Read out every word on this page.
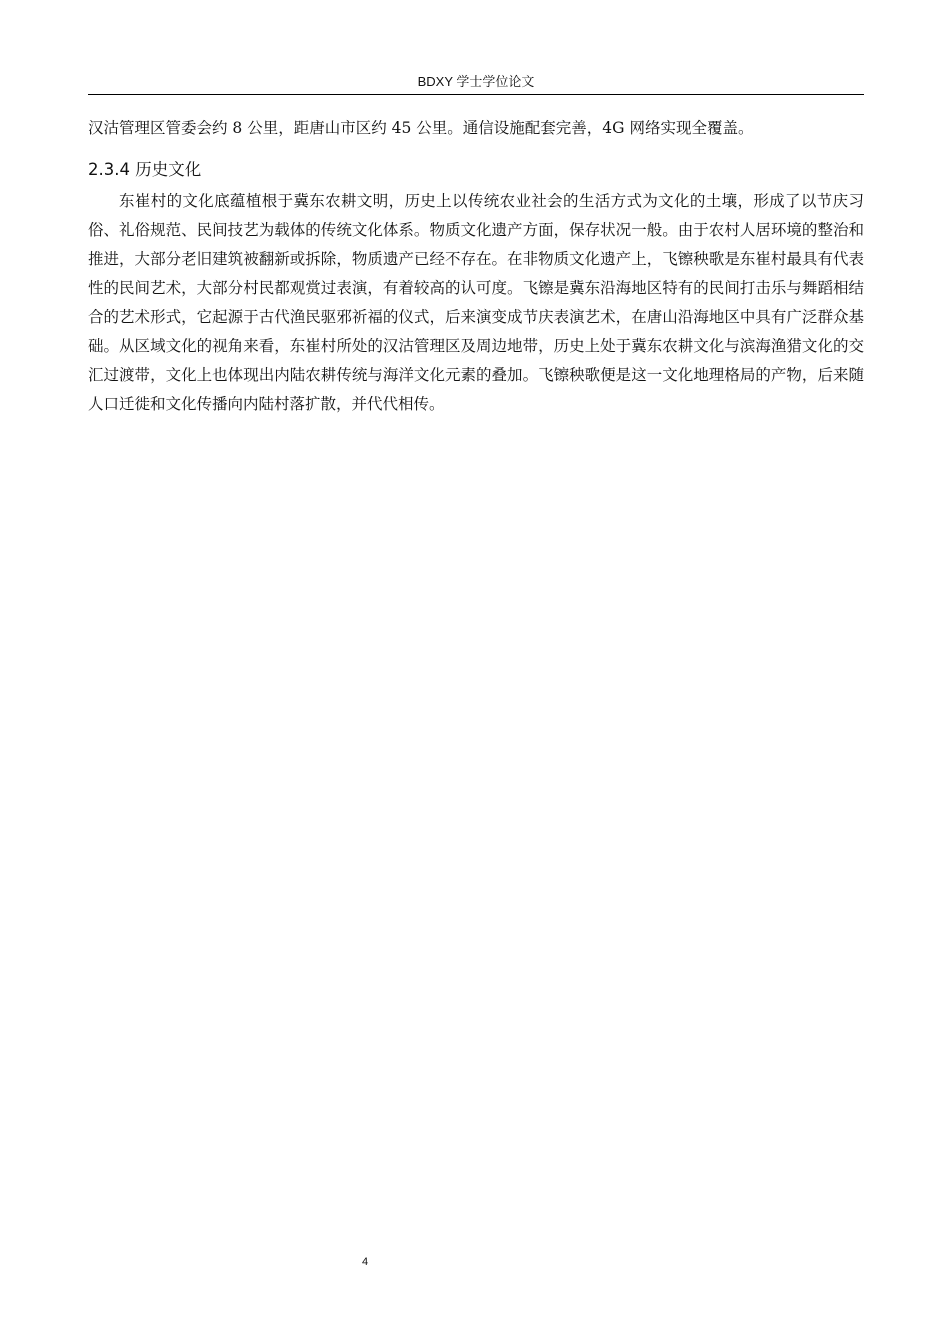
BDXY 学士学位论文

汉沽管理区管委会约 8 公里，距唐山市区约 45 公里。通信设施配套完善，4G 网络实现全覆盖。

2.3.4 历史文化

东崔村的文化底蕴植根于冀东农耕文明，历史上以传统农业社会的生活方式为文化的土壤，形成了以节庆习俗、礼俗规范、民间技艺为载体的传统文化体系。物质文化遗产方面，保存状况一般。由于农村人居环境的整治和推进，大部分老旧建筑被翻新或拆除，物质遗产已经不存在。在非物质文化遗产上，飞镲秧歌是东崔村最具有代表性的民间艺术，大部分村民都观赏过表演，有着较高的认可度。飞镲是冀东沿海地区特有的民间打击乐与舞蹈相结合的艺术形式，它起源于古代渔民驱邪祈福的仪式，后来演变成节庆表演艺术，在唐山沿海地区中具有广泛群众基础。从区域文化的视角来看，东崔村所处的汉沽管理区及周边地带，历史上处于冀东农耕文化与滨海渔猎文化的交汇过渡带，文化上也体现出内陆农耕传统与海洋文化元素的叠加。飞镲秧歌便是这一文化地理格局的产物，后来随人口迁徙和文化传播向内陆村落扩散，并代代相传。

4
